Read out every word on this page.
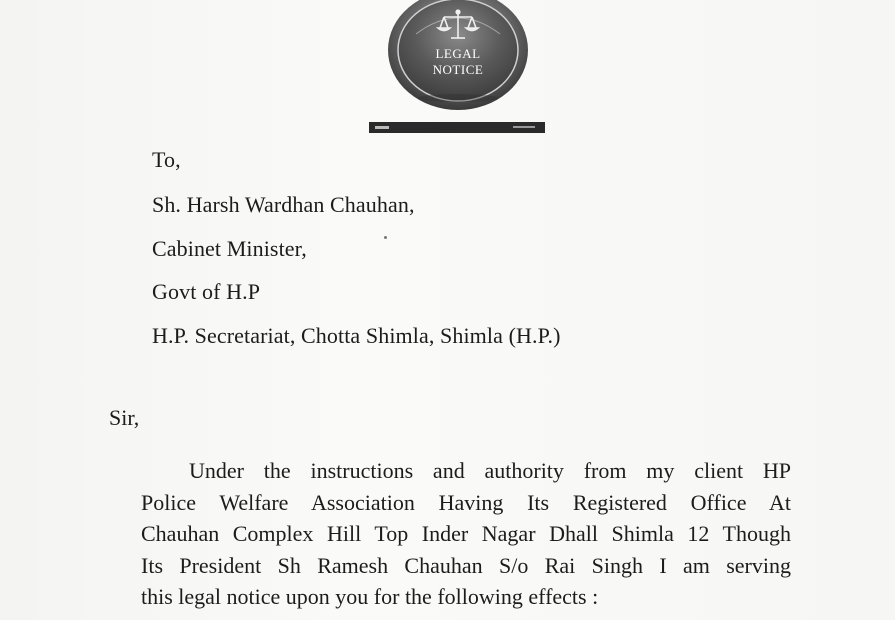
LEGAL
NOTICE
To,
Sh. Harsh Wardhan Chauhan,
Cabinet Minister,
Govt of H.P
H.P. Secretariat, Chotta Shimla, Shimla (H.P.)
Sir,
Under the instructions and authority from my client HP
Police Welfare Association Having Its Registered Office At
Chauhan Complex Hill Top Inder Nagar Dhall Shimla 12 Though
Its President Sh Ramesh Chauhan S/o Rai Singh I am serving
this legal notice upon you for the following effects :
